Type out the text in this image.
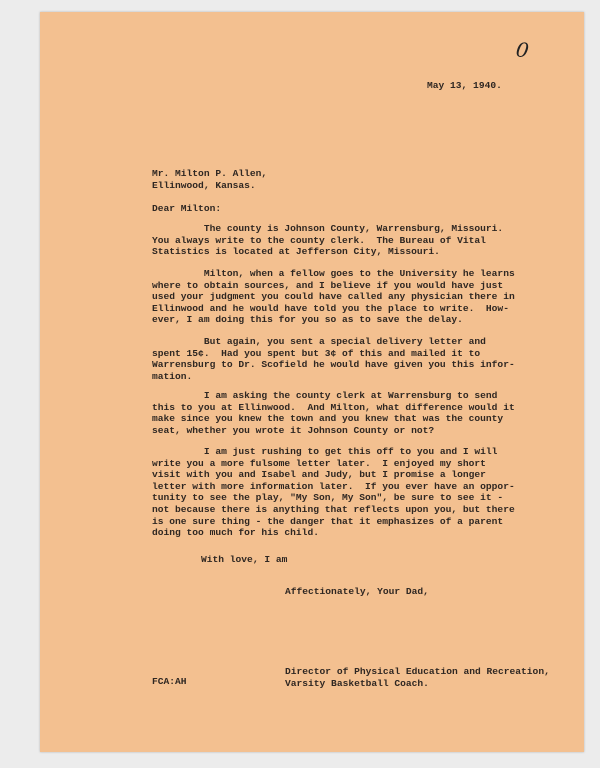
0
May 13, 1940.
Mr. Milton P. Allen,
Ellinwood, Kansas.
Dear Milton:
The county is Johnson County, Warrensburg, Missouri.
You always write to the county clerk.  The Bureau of Vital
Statistics is located at Jefferson City, Missouri.
Milton, when a fellow goes to the University he learns
where to obtain sources, and I believe if you would have just
used your judgment you could have called any physician there in
Ellinwood and he would have told you the place to write.  How-
ever, I am doing this for you so as to save the delay.
But again, you sent a special delivery letter and
spent 15¢.  Had you spent but 3¢ of this and mailed it to
Warrensburg to Dr. Scofield he would have given you this infor-
mation.
I am asking the county clerk at Warrensburg to send
this to you at Ellinwood.  And Milton, what difference would it
make since you knew the town and you knew that was the county
seat, whether you wrote it Johnson County or not?
I am just rushing to get this off to you and I will
write you a more fulsome letter later.  I enjoyed my short
visit with you and Isabel and Judy, but I promise a longer
letter with more information later.  If you ever have an oppor-
tunity to see the play, "My Son, My Son", be sure to see it -
not because there is anything that reflects upon you, but there
is one sure thing - the danger that it emphasizes of a parent
doing too much for his child.
With love, I am
Affectionately, Your Dad,
Director of Physical Education and Recreation,
Varsity Basketball Coach.
FCA:AH
